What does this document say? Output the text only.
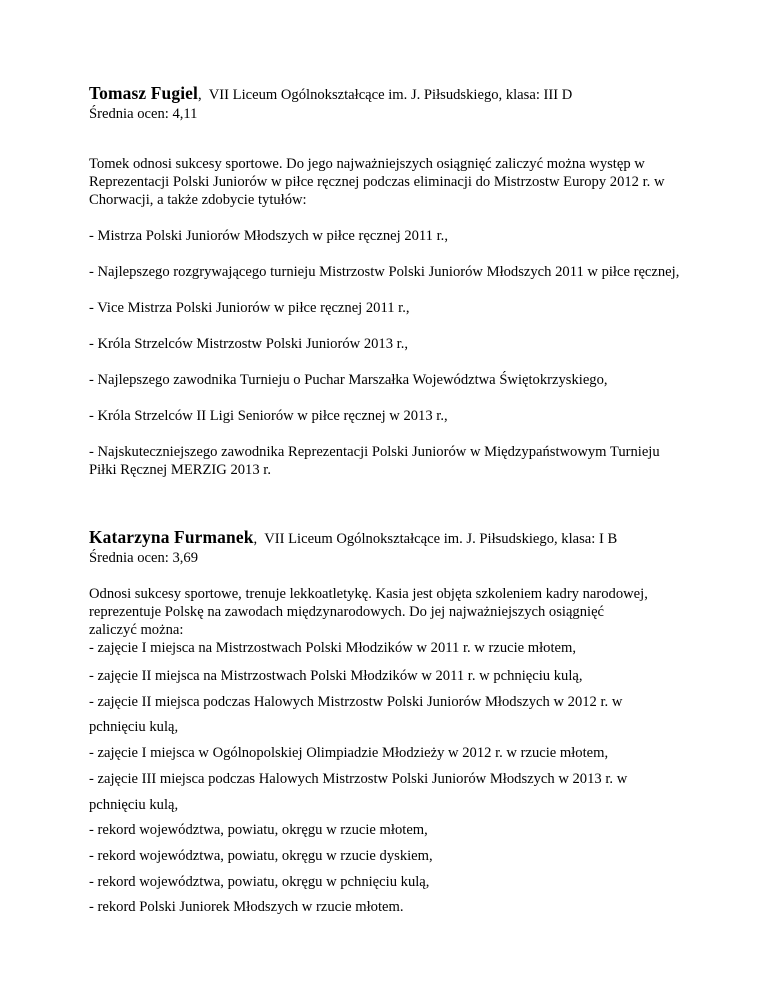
Tomasz Fugiel, VII Liceum Ogólnokształcące im. J. Piłsudskiego, klasa: III D
Średnia ocen: 4,11
Tomek odnosi sukcesy sportowe. Do jego najważniejszych osiągnięć zaliczyć można występ w Reprezentacji Polski Juniorów w piłce ręcznej podczas eliminacji do Mistrzostw Europy 2012 r. w Chorwacji, a także zdobycie tytułów:
- Mistrza Polski Juniorów Młodszych w piłce ręcznej 2011 r.,
- Najlepszego rozgrywającego turnieju Mistrzostw Polski Juniorów Młodszych 2011 w piłce ręcznej,
- Vice Mistrza Polski Juniorów w piłce ręcznej 2011 r.,
- Króla Strzelców Mistrzostw Polski Juniorów 2013 r.,
- Najlepszego zawodnika Turnieju o Puchar Marszałka Województwa Świętokrzyskiego,
- Króla Strzelców II Ligi Seniorów w piłce ręcznej w 2013 r.,
- Najskuteczniejszego zawodnika Reprezentacji Polski Juniorów w Międzypaństwowym Turnieju Piłki Ręcznej MERZIG 2013 r.
Katarzyna Furmanek, VII Liceum Ogólnokształcące im. J. Piłsudskiego, klasa: I B
Średnia ocen: 3,69
Odnosi sukcesy sportowe, trenuje lekkoatletykę. Kasia jest objęta szkoleniem kadry narodowej, reprezentuje Polskę na zawodach międzynarodowych. Do jej najważniejszych osiągnięć zaliczyć można:
- zajęcie I miejsca na Mistrzostwach Polski Młodzików w 2011 r. w rzucie młotem,
- zajęcie II miejsca na Mistrzostwach Polski Młodzików w 2011 r. w pchnięciu kulą,
- zajęcie II miejsca podczas Halowych Mistrzostw Polski Juniorów Młodszych w 2012 r. w pchnięciu kulą,
- zajęcie I miejsca w Ogólnopolskiej Olimpiadzie Młodzieży w 2012 r. w rzucie młotem,
- zajęcie III miejsca podczas Halowych Mistrzostw Polski Juniorów Młodszych w 2013 r. w pchnięciu kulą,
- rekord województwa, powiatu, okręgu w rzucie młotem,
- rekord województwa, powiatu, okręgu w rzucie dyskiem,
- rekord województwa, powiatu, okręgu w pchnięciu kulą,
- rekord Polski Juniorek Młodszych w rzucie młotem.
